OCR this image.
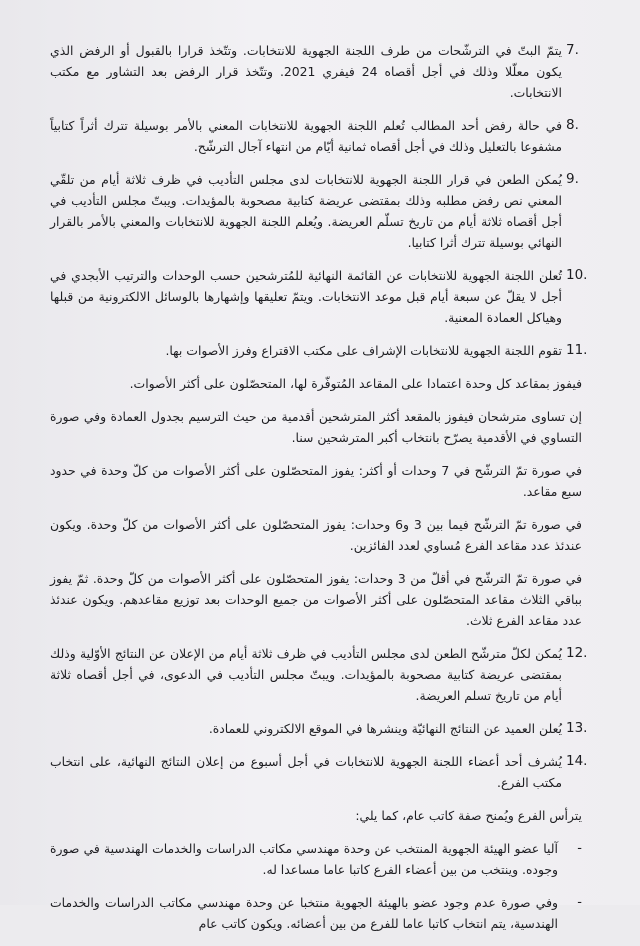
7.
يتمّ البتّ في الترشّحات من طرف اللجنة الجهوية للانتخابات. وتتّخذ قرارا بالقبول أو الرفض الذي يكون معلّلا وذلك في أجل أقصاه 24 فيفري 2021. وتتّخذ قرار الرفض بعد التشاور مع مكتب الانتخابات.
8.
في حالة رفض أحد المطالب تُعلم اللجنة الجهوية للانتخابات المعني بالأمر بوسيلة تترك أثراً كتابياً مشفوعا بالتعليل وذلك في أجل أقصاه ثمانية أيّام من انتهاء آجال الترشّح.
9.
يُمكن الطعن في قرار اللجنة الجهوية للانتخابات لدى مجلس التأديب في ظرف ثلاثة أيام من تلقّي المعني نص رفض مطلبه وذلك بمقتضى عريضة كتابية مصحوبة بالمؤيدات. ويبتّ مجلس التأديب في أجل أقصاه ثلاثة أيام من تاريخ تسلّم العريضة. ويُعلم اللجنة الجهوية للانتخابات والمعني بالأمر بالقرار النهائي بوسيلة تترك أثرا كتابيا.
10.
تُعلن اللجنة الجهوية للانتخابات عن القائمة النهائية للمُترشحين حسب الوحدات والترتيب الأبجدي في أجل لا يقلّ عن سبعة أيام قبل موعد الانتخابات. ويتمّ تعليقها وإشهارها بالوسائل الالكترونية من قبلها وهياكل العمادة المعنية.
11.
تقوم اللجنة الجهوية للانتخابات الإشراف على مكتب الاقتراع وفرز الأصوات بها.
فيفوز بمقاعد كل وحدة اعتمادا على المقاعد المُتوفّرة لها، المتحصّلون على أكثر الأصوات.
إن تساوى مترشحان فيفوز بالمقعد أكثر المترشحين أقدمية من حيث الترسيم بجدول العمادة وفي صورة التساوي في الأقدمية يصرّح بانتخاب أكبر المترشحين سنا.
في صورة تمّ الترشّح في 7 وحدات أو أكثر: يفوز المتحصّلون على أكثر الأصوات من كلّ وحدة في حدود سبع مقاعد.
في صورة تمّ الترشّح فيما بين 3 و6 وحدات: يفوز المتحصّلون على أكثر الأصوات من كلّ وحدة. ويكون عندئذ عدد مقاعد الفرع مُساوي لعدد الفائزين.
في صورة تمّ الترشّح في أقلّ من 3 وحدات: يفوز المتحصّلون على أكثر الأصوات من كلّ وحدة. ثمّ يفوز بباقي الثلاث مقاعد المتحصّلون على أكثر الأصوات من جميع الوحدات بعد توزيع مقاعدهم. ويكون عندئذ عدد مقاعد الفرع ثلاث.
12.
يُمكن لكلّ مترشّح الطعن لدى مجلس التأديب في ظرف ثلاثة أيام من الإعلان عن النتائج الأوّلية وذلك بمقتضى عريضة كتابية مصحوبة بالمؤيدات. ويبتّ مجلس التأديب في الدعوى، في أجل أقصاه ثلاثة أيام من تاريخ تسلم العريضة.
13.
يُعلن العميد عن النتائج النهائيّة وينشرها في الموقع الالكتروني للعمادة.
14.
يُشرف أحد أعضاء اللجنة الجهوية للانتخابات في أجل أسبوع من إعلان النتائج النهائية، على انتخاب مكتب الفرع.
يترأس الفرع ويُمنح صفة كاتب عام، كما يلي:
-
آليا عضو الهيئة الجهوية المنتخب عن وحدة مهندسي مكاتب الدراسات والخدمات الهندسية في صورة وجوده. وينتخب من بين أعضاء الفرع كاتبا عاما مساعدا له.
-
وفي صورة عدم وجود عضو بالهيئة الجهوية منتخبا عن وحدة مهندسي مكاتب الدراسات والخدمات الهندسية، يتم انتخاب كاتبا عاما للفرع من بين أعضائه. ويكون كاتب عام
